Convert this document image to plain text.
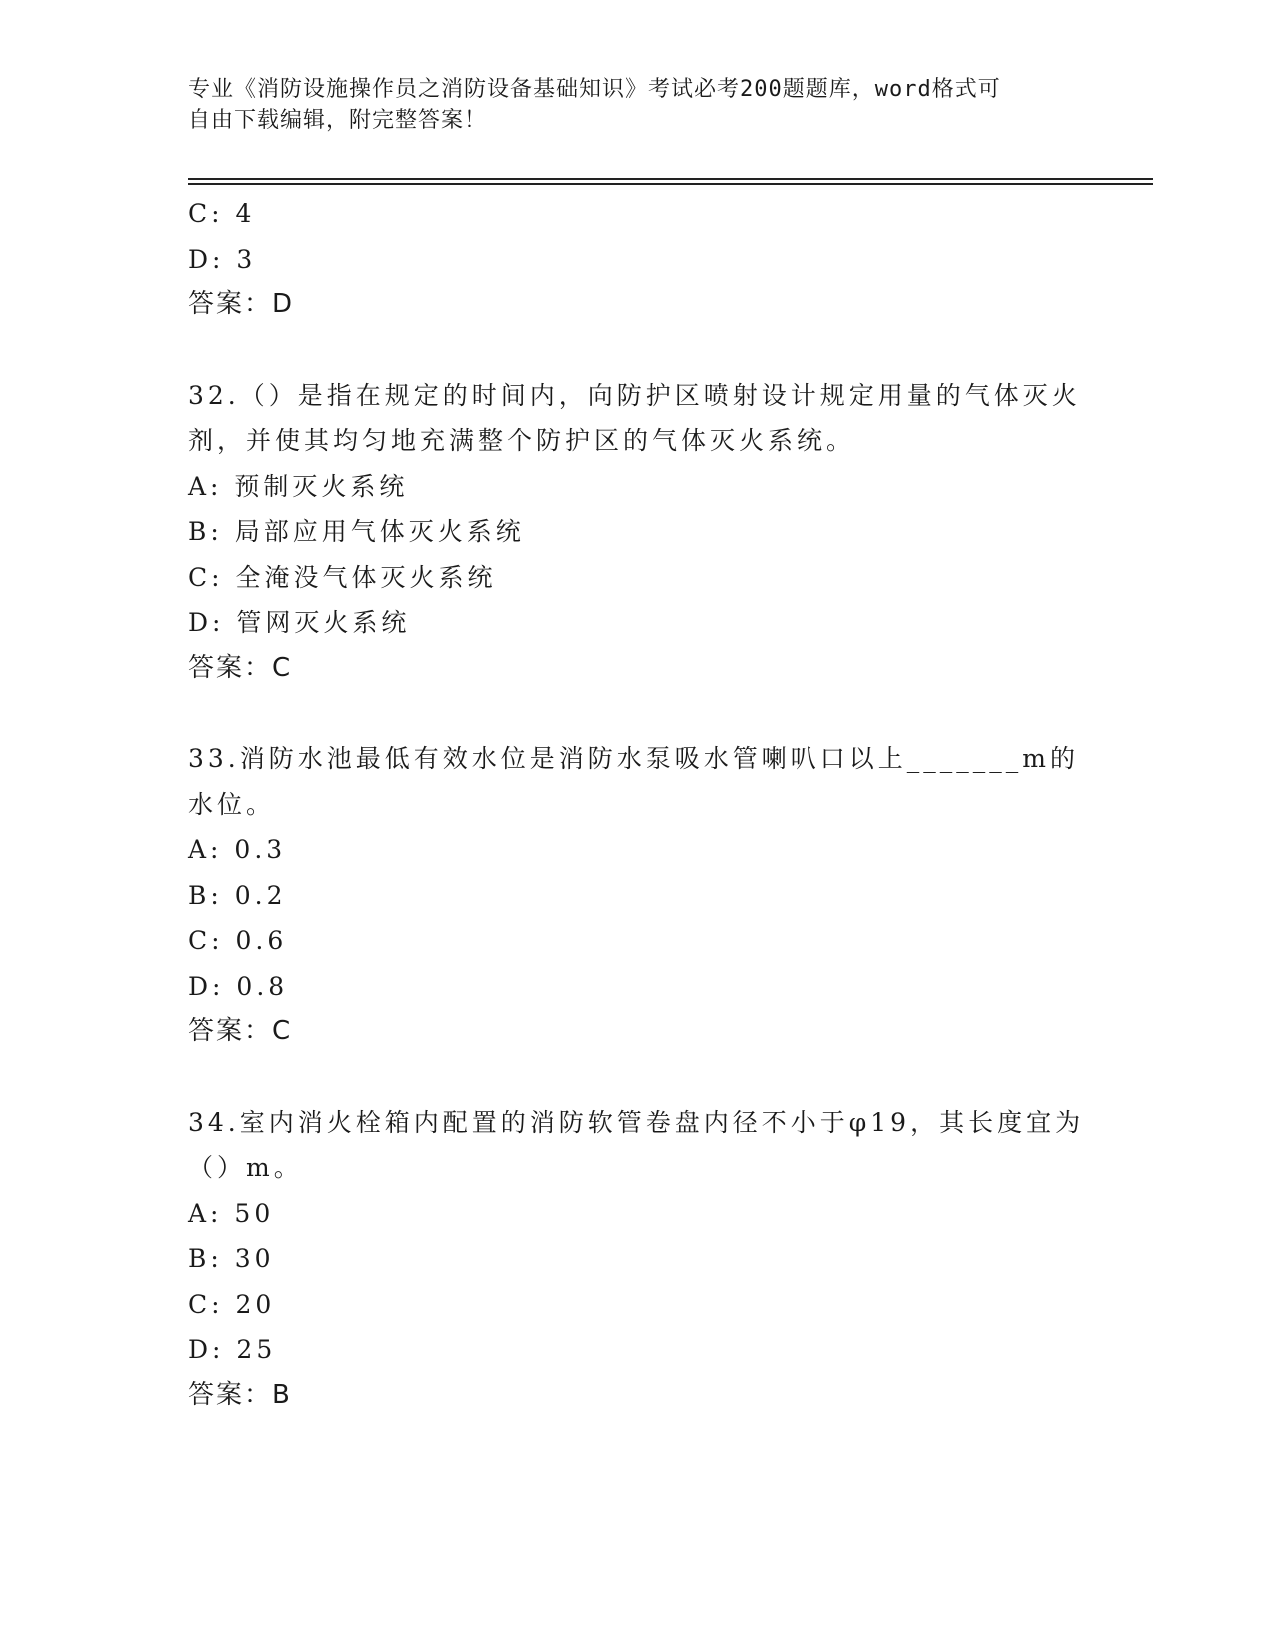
专业《消防设施操作员之消防设备基础知识》考试必考200题题库，word格式可
自由下载编辑，附完整答案！

C: 4

D: 3

答案：D

32.（）是指在规定的时间内，向防护区喷射设计规定用量的气体灭火剂，并使其均匀地充满整个防护区的气体灭火系统。

A: 预制灭火系统

B: 局部应用气体灭火系统

C: 全淹没气体灭火系统

D: 管网灭火系统

答案：C

33.消防水池最低有效水位是消防水泵吸水管喇叭口以上_______m的水位。

A: 0.3

B: 0.2

C: 0.6

D: 0.8

答案：C

34.室内消火栓箱内配置的消防软管卷盘内径不小于φ19，其长度宜为（）m。

A: 50

B: 30

C: 20

D: 25

答案：B
